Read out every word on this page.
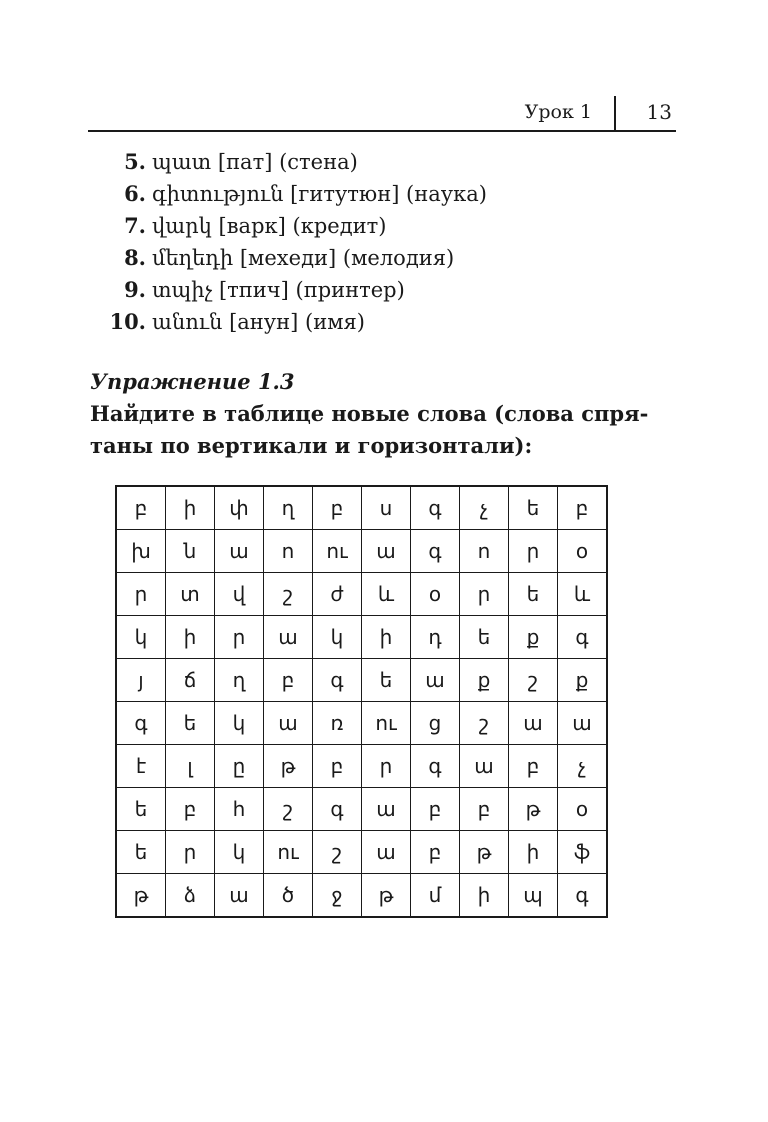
Урок 1	13
5. պատ [пат] (стена)
6. գիտություն [гитутюн] (наука)
7. վարկ [варк] (кредит)
8. մեղեդի [мехеди] (мелодия)
9. տպիչ [тпич] (принтер)
10. անուն [анун] (имя)
Упражнение 1.3
Найдите в таблице новые слова (слова спря-
таны по вертикали и горизонтали):
բ	ի	փ	ղ	բ	ս	գ	չ	ե	բ
խ	ն	ա	ո	ու	ա	գ	ո	ր	օ
ր	տ	վ	շ	ժ	և	օ	ր	ե	և
կ	ի	ր	ա	կ	ի	դ	ե	ք	գ
յ	ճ	ղ	բ	գ	ե	ա	ք	շ	ք
գ	ե	կ	ա	ռ	ու	ց	շ	ա	ա
է	լ	ը	թ	բ	ր	գ	ա	բ	չ
ե	բ	հ	շ	գ	ա	բ	բ	թ	օ
ե	ր	կ	ու	շ	ա	բ	թ	ի	ֆ
թ	ձ	ա	ծ	ջ	թ	մ	ի	պ	գ
